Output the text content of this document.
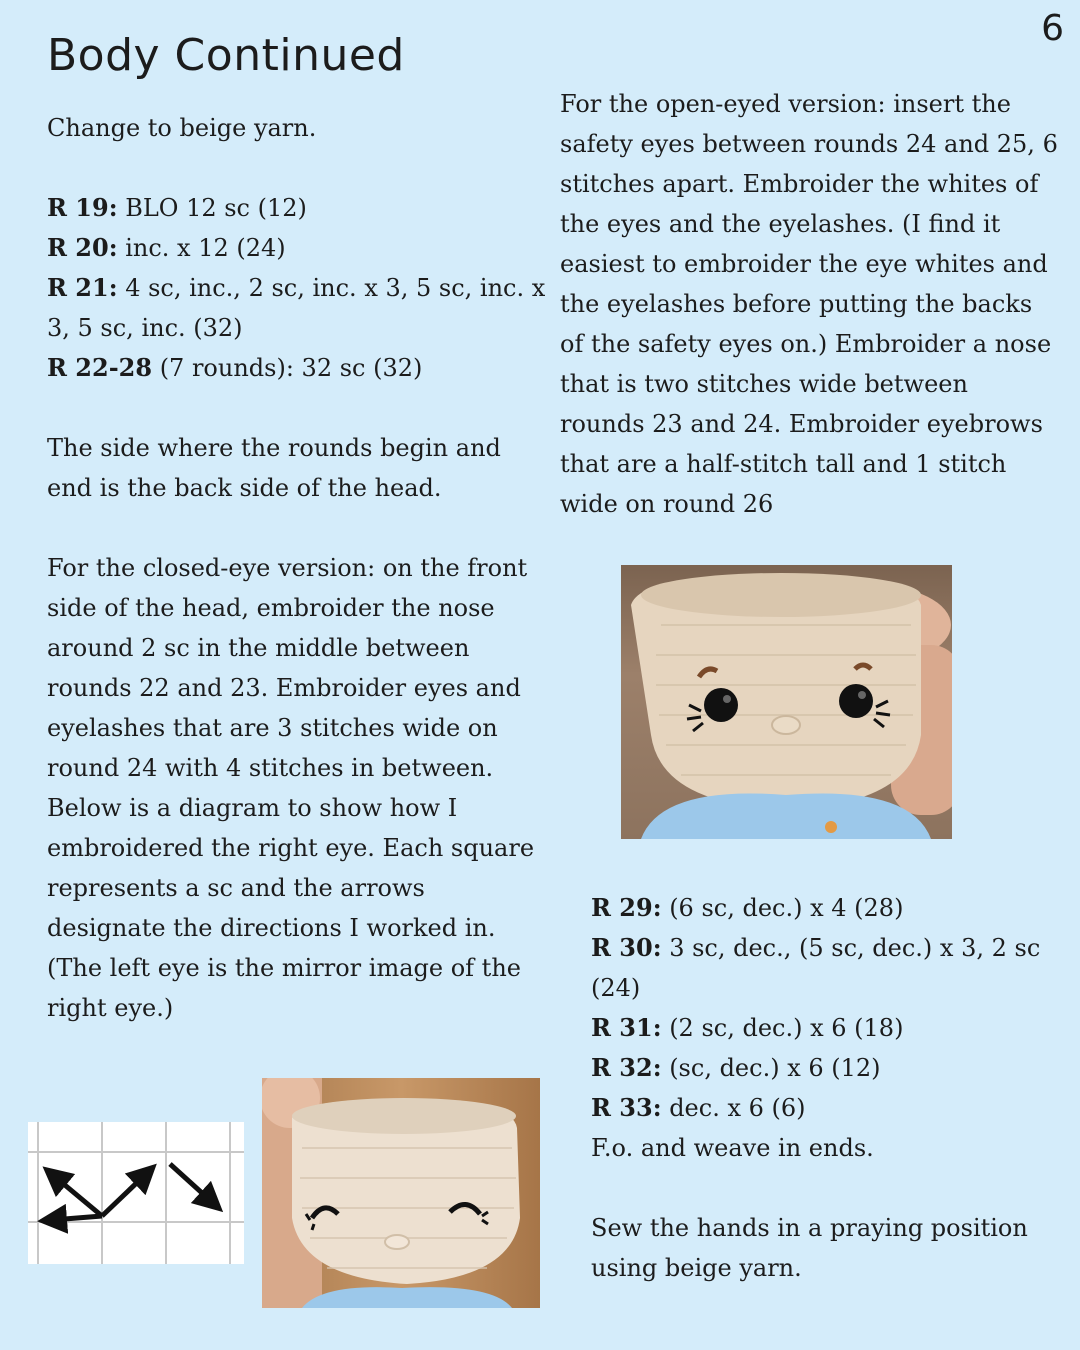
Body Continued
6

Change to beige yarn.

R 19: BLO 12 sc (12)
R 20: inc. x 12 (24)
R 21: 4 sc, inc., 2 sc, inc. x 3, 5 sc, inc. x 3, 5 sc, inc. (32)
R 22-28 (7 rounds): 32 sc (32)

The side where the rounds begin and end is the back side of the head.

For the closed-eye version: on the front side of the head, embroider the nose around 2 sc in the middle between rounds 22 and 23. Embroider eyes and eyelashes that are 3 stitches wide on round 24 with 4 stitches in between. Below is a diagram to show how I embroidered the right eye. Each square represents a sc and the arrows designate the directions I worked in. (The left eye is the mirror image of the right eye.)

For the open-eyed version: insert the safety eyes between rounds 24 and 25, 6 stitches apart. Embroider the whites of the eyes and the eyelashes. (I find it easiest to embroider the eye whites and the eyelashes before putting the backs of the safety eyes on.) Embroider a nose that is two stitches wide between rounds 23 and 24. Embroider eyebrows that are a half-stitch tall and 1 stitch wide on round 26

R 29: (6 sc, dec.) x 4 (28)
R 30: 3 sc, dec., (5 sc, dec.) x 3, 2 sc (24)
R 31: (2 sc, dec.) x 6 (18)
R 32: (sc, dec.) x 6 (12)
R 33: dec. x 6 (6)

F.o. and weave in ends.

Sew the hands in a praying position using beige yarn.
